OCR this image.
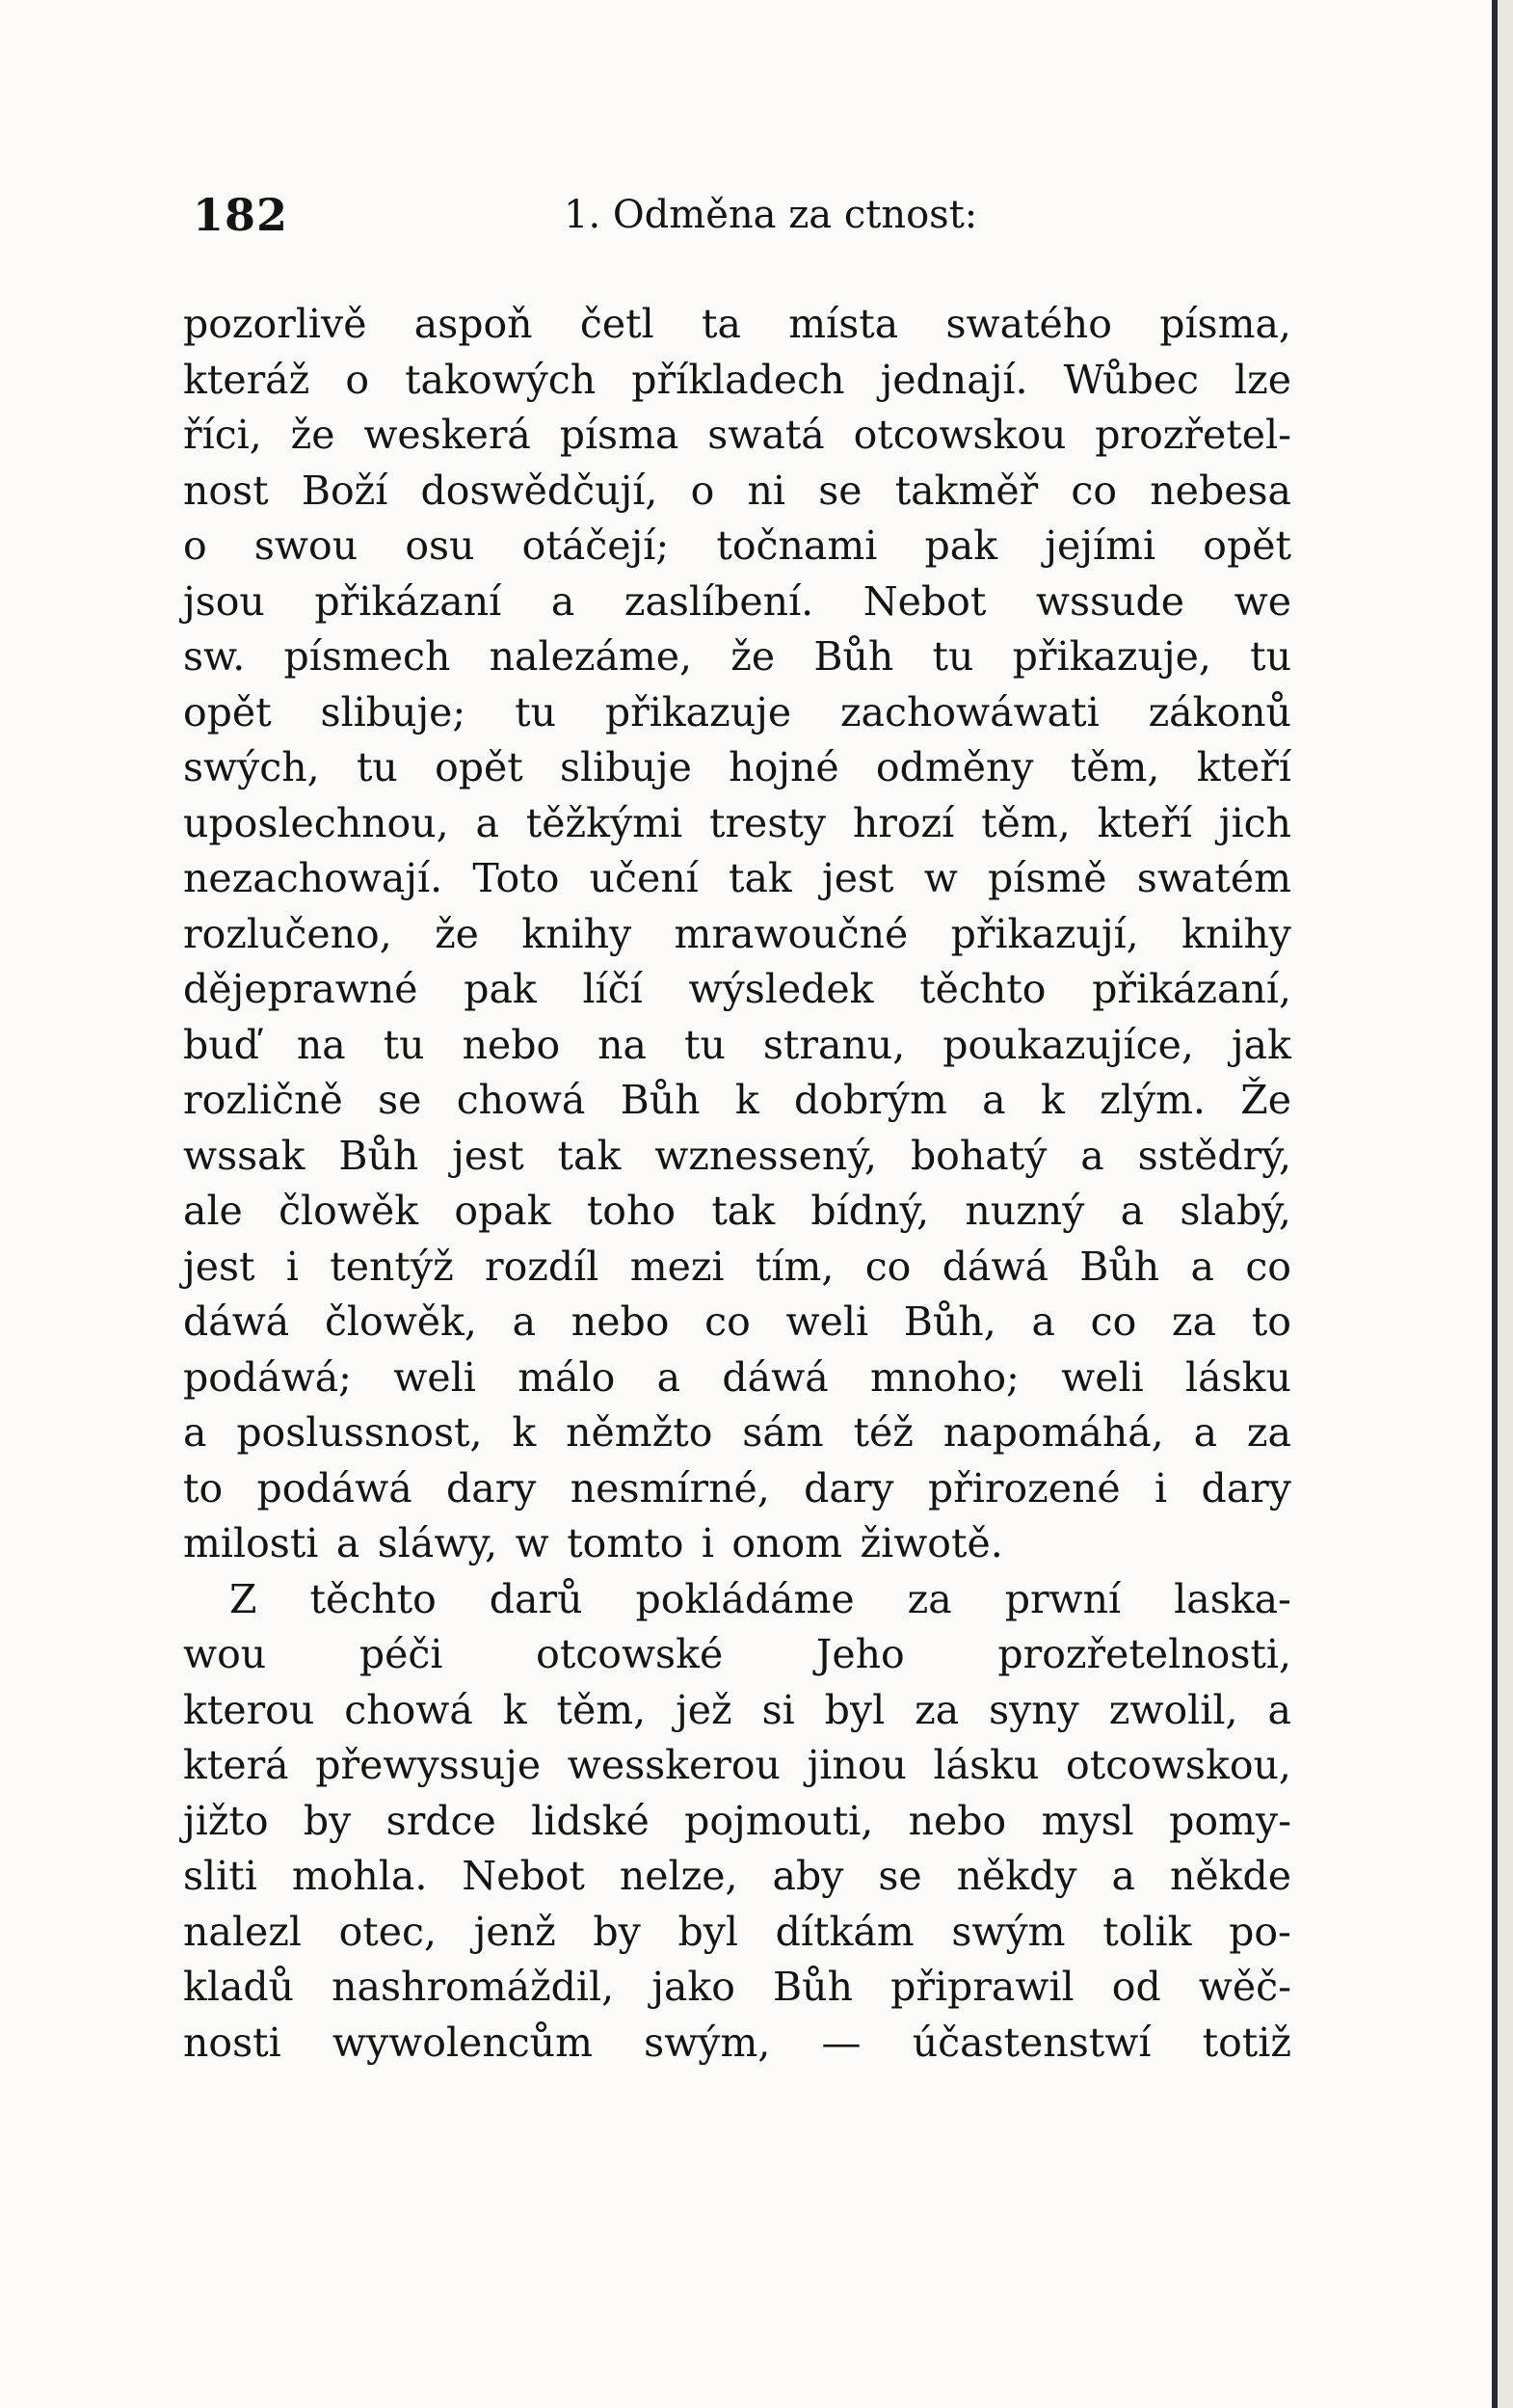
182	1. Odměna za ctnost:
pozorlivě aspoň četl ta místa swatého písma,
kteráž o takowých příkladech jednají. Wůbec lze
říci, že weskerá písma swatá otcowskou prozřetel-
nost Boží doswědčují, o ni se takměř co nebesa
o swou osu otáčejí; točnami pak jejími opět
jsou přikázaní a zaslíbení. Nebot wssude we
sw. písmech nalezáme, že Bůh tu přikazuje, tu
opět slibuje; tu přikazuje zachowáwati zákonů
swých, tu opět slibuje hojné odměny těm, kteří
uposlechnou, a těžkými tresty hrozí těm, kteří jich
nezachowají. Toto učení tak jest w písmě swatém
rozlučeno, že knihy mrawoučné přikazují, knihy
dějeprawné pak líčí wýsledek těchto přikázaní,
buď na tu nebo na tu stranu, poukazujíce, jak
rozličně se chowá Bůh k dobrým a k zlým. Že
wssak Bůh jest tak wznessený, bohatý a sstědrý,
ale člowěk opak toho tak bídný, nuzný a slabý,
jest i tentýž rozdíl mezi tím, co dáwá Bůh a co
dáwá člowěk, a nebo co weli Bůh, a co za to
podáwá; weli málo a dáwá mnoho; weli lásku
a poslussnost, k němžto sám též napomáhá, a za
to podáwá dary nesmírné, dary přirozené i dary
milosti a sláwy, w tomto i onom žiwotě.
Z těchto darů pokládáme za prwní laska-
wou péči otcowské Jeho prozřetelnosti,
kterou chowá k těm, jež si byl za syny zwolil, a
která přewyssuje wesskerou jinou lásku otcowskou,
jižto by srdce lidské pojmouti, nebo mysl pomy-
sliti mohla. Nebot nelze, aby se někdy a někde
nalezl otec, jenž by byl dítkám swým tolik po-
kladů nashromáždil, jako Bůh připrawil od wěč-
nosti wywolencům swým, — účastenstwí totiž
